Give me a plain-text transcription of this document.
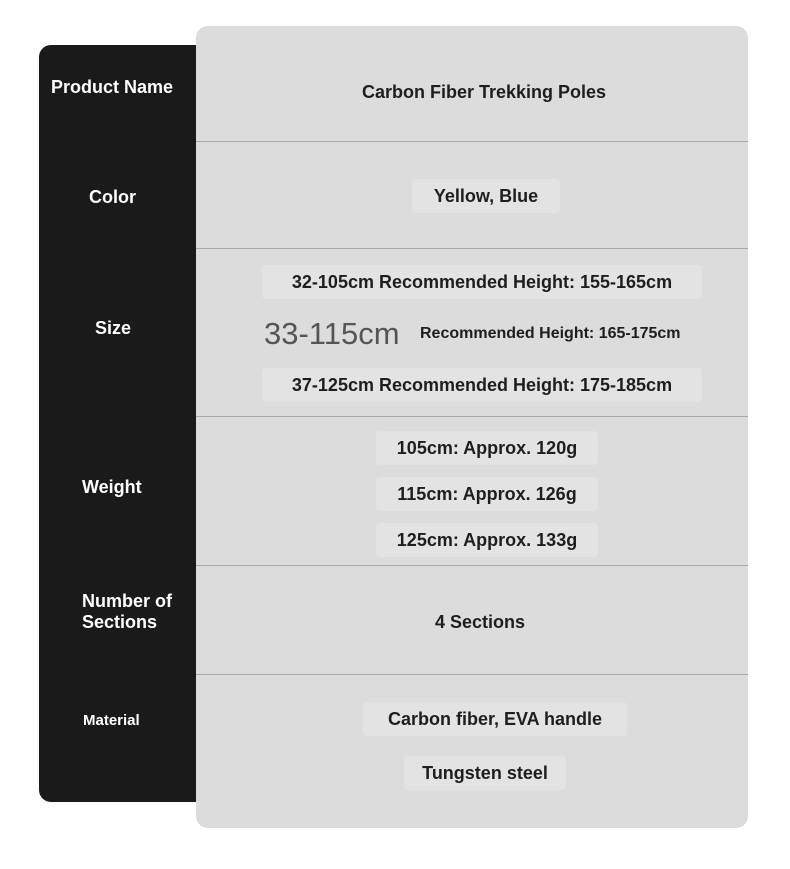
Product Name
Color
Size
Weight
Number of
Sections
Material
Carbon Fiber Trekking Poles
Yellow, Blue
32-105cm Recommended Height: 155-165cm
33-115cm Recommended Height: 165-175cm
37-125cm Recommended Height: 175-185cm
105cm: Approx. 120g
115cm: Approx. 126g
125cm: Approx. 133g
4 Sections
Carbon fiber, EVA handle
Tungsten steel
